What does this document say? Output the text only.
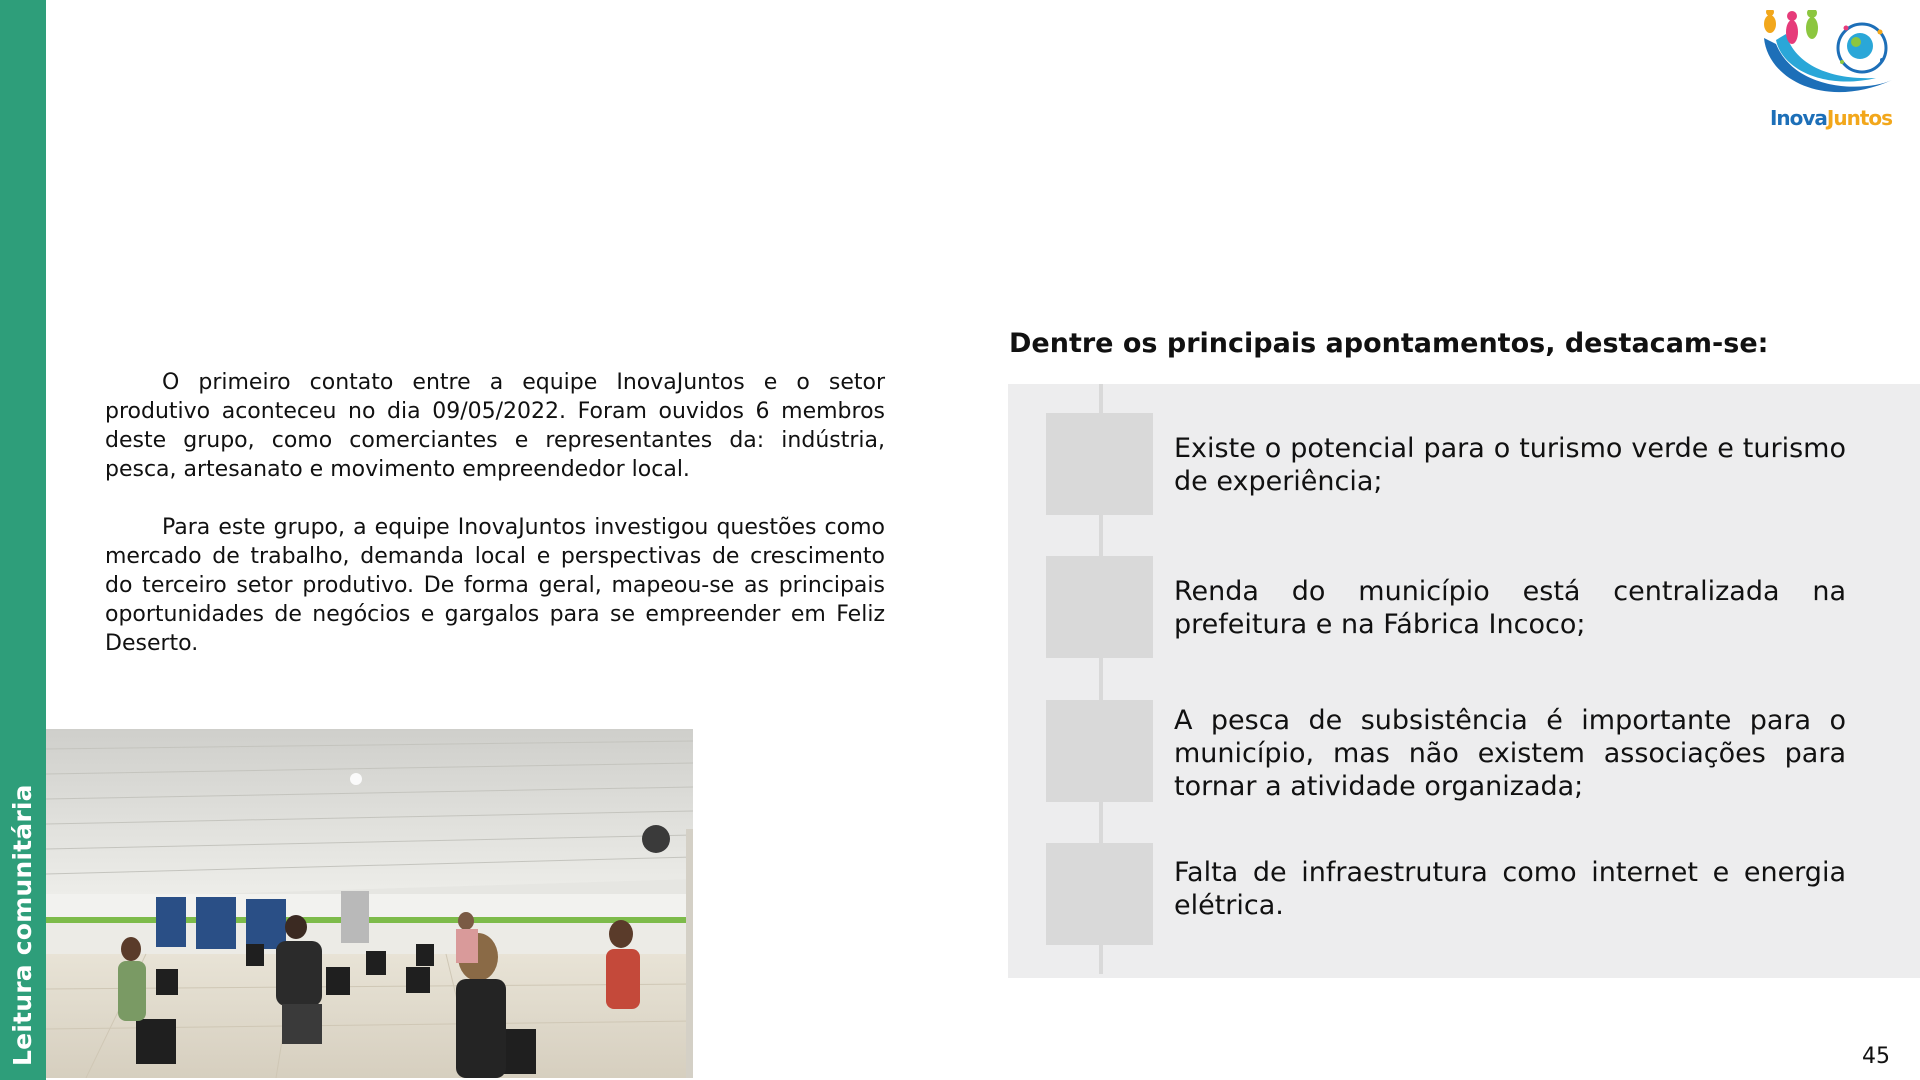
Leitura comunitária
InovaJuntos

O primeiro contato entre a equipe InovaJuntos e o setor produtivo aconteceu no dia 09/05/2022. Foram ouvidos 6 membros deste grupo, como comerciantes e representantes da: indústria, pesca, artesanato e movimento empreendedor local.

Para este grupo, a equipe InovaJuntos investigou questões como mercado de trabalho, demanda local e perspectivas de crescimento do terceiro setor produtivo. De forma geral, mapeou-se as principais oportunidades de negócios e gargalos para se empreender em Feliz Deserto.

Dentre os principais apontamentos, destacam-se:
Existe o potencial para o turismo verde e turismo de experiência;
Renda do município está centralizada na prefeitura e na Fábrica Incoco;
A pesca de subsistência é importante para o município, mas não existem associações para tornar a atividade organizada;
Falta de infraestrutura como internet e energia elétrica.
45
